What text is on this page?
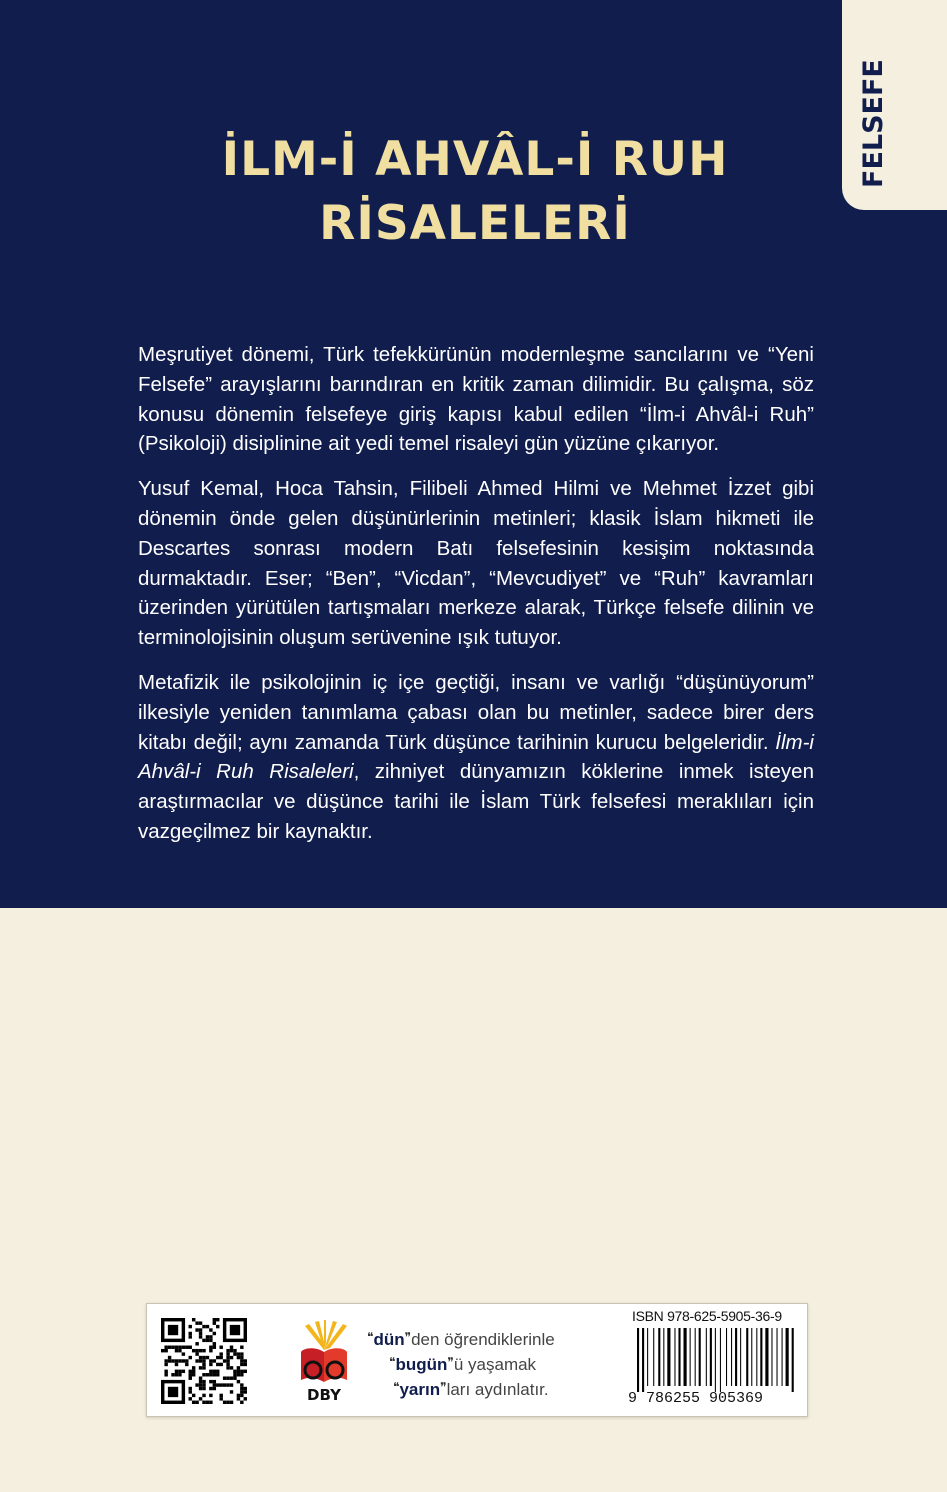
FELSEFE
İLM-İ AHVÂL-İ RUH
RİSALELERİ

Meşrutiyet dönemi, Türk tefekkürünün modernleşme sancılarını ve “Yeni Felsefe” arayışlarını barındıran en kritik zaman dilimidir. Bu çalışma, söz konusu dönemin felsefeye giriş kapısı kabul edilen “İlm-i Ahvâl-i Ruh” (Psikoloji) disiplinine ait yedi temel risaleyi gün yüzüne çıkarıyor.

Yusuf Kemal, Hoca Tahsin, Filibeli Ahmed Hilmi ve Mehmet İzzet gibi dönemin önde gelen düşünürlerinin metinleri; klasik İslam hikmeti ile Descartes sonrası modern Batı felsefesinin kesişim noktasında durmaktadır. Eser; “Ben”, “Vicdan”, “Mevcudiyet” ve “Ruh” kavramları üzerinden yürütülen tartışmaları merkeze alarak, Türkçe felsefe dilinin ve terminolojisinin oluşum serüvenine ışık tutuyor.

Metafizik ile psikolojinin iç içe geçtiği, insanı ve varlığı “düşünüyorum” ilkesiyle yeniden tanımlama çabası olan bu metinler, sadece birer ders kitabı değil; aynı zamanda Türk düşünce tarihinin kurucu belgeleridir. İlm-i Ahvâl-i Ruh Risaleleri, zihniyet dünyamızın köklerine inmek isteyen araştırmacılar ve düşünce tarihi ile İslam Türk felsefesi meraklıları için vazgeçilmez bir kaynaktır.

DBY
❝dün❞den öğrendiklerinle
❝bugün❞ü yaşamak
❝yarın❞ları aydınlatır.
ISBN 978-625-5905-36-9
9 786255 905369
